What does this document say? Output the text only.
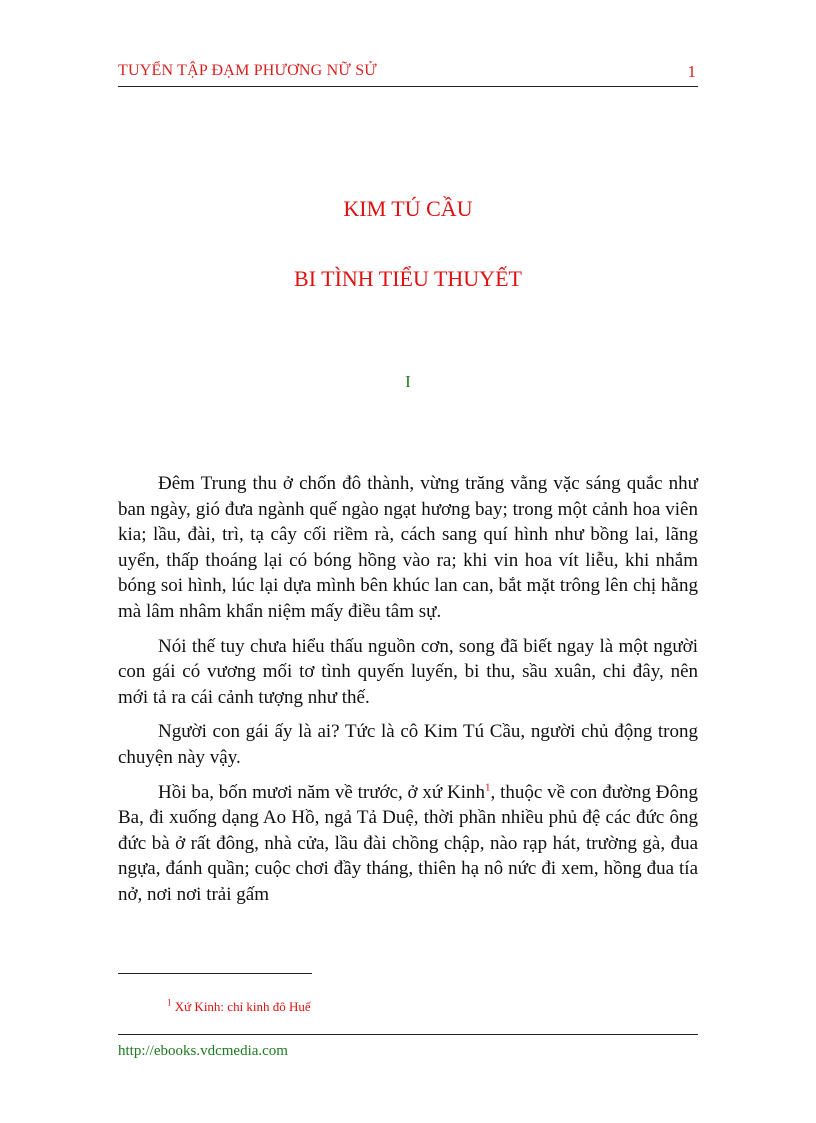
TUYỂN TẬP ĐẠM PHƯƠNG NỮ SỬ	1
KIM TÚ CẦU
BI TÌNH TIỂU THUYẾT
I

Đêm Trung thu ở chốn đô thành, vừng trăng vằng vặc sáng quắc như ban ngày, gió đưa ngành quế ngào ngạt hương bay; trong một cảnh hoa viên kia; lầu, đài, trì, tạ cây cối riềm rà, cách sang quí hình như bồng lai, lãng uyển, thấp thoáng lại có bóng hồng vào ra; khi vin hoa vít liễu, khi nhắm bóng soi hình, lúc lại dựa mình bên khúc lan can, bắt mặt trông lên chị hằng mà lâm nhâm khẩn niệm mấy điều tâm sự.

Nói thế tuy chưa hiểu thấu nguồn cơn, song đã biết ngay là một người con gái có vương mối tơ tình quyến luyến, bi thu, sầu xuân, chi đây, nên mới tả ra cái cảnh tượng như thế.

Người con gái ấy là ai? Tức là cô Kim Tú Cầu, người chủ động trong chuyện này vậy.

Hồi ba, bốn mươi năm về trước, ở xứ Kinh$^1$, thuộc về con đường Đông Ba, đi xuống dạng Ao Hồ, ngả Tả Duệ, thời phần nhiều phủ đệ các đức ông đức bà ở rất đông, nhà cửa, lầu đài chồng chập, nào rạp hát, trường gà, đua ngựa, đánh quần; cuộc chơi đầy tháng, thiên hạ nô nức đi xem, hồng đua tía nở, nơi nơi trải gấm

$^1$ Xứ Kinh: chỉ kinh đô Huế
http://ebooks.vdcmedia.com
